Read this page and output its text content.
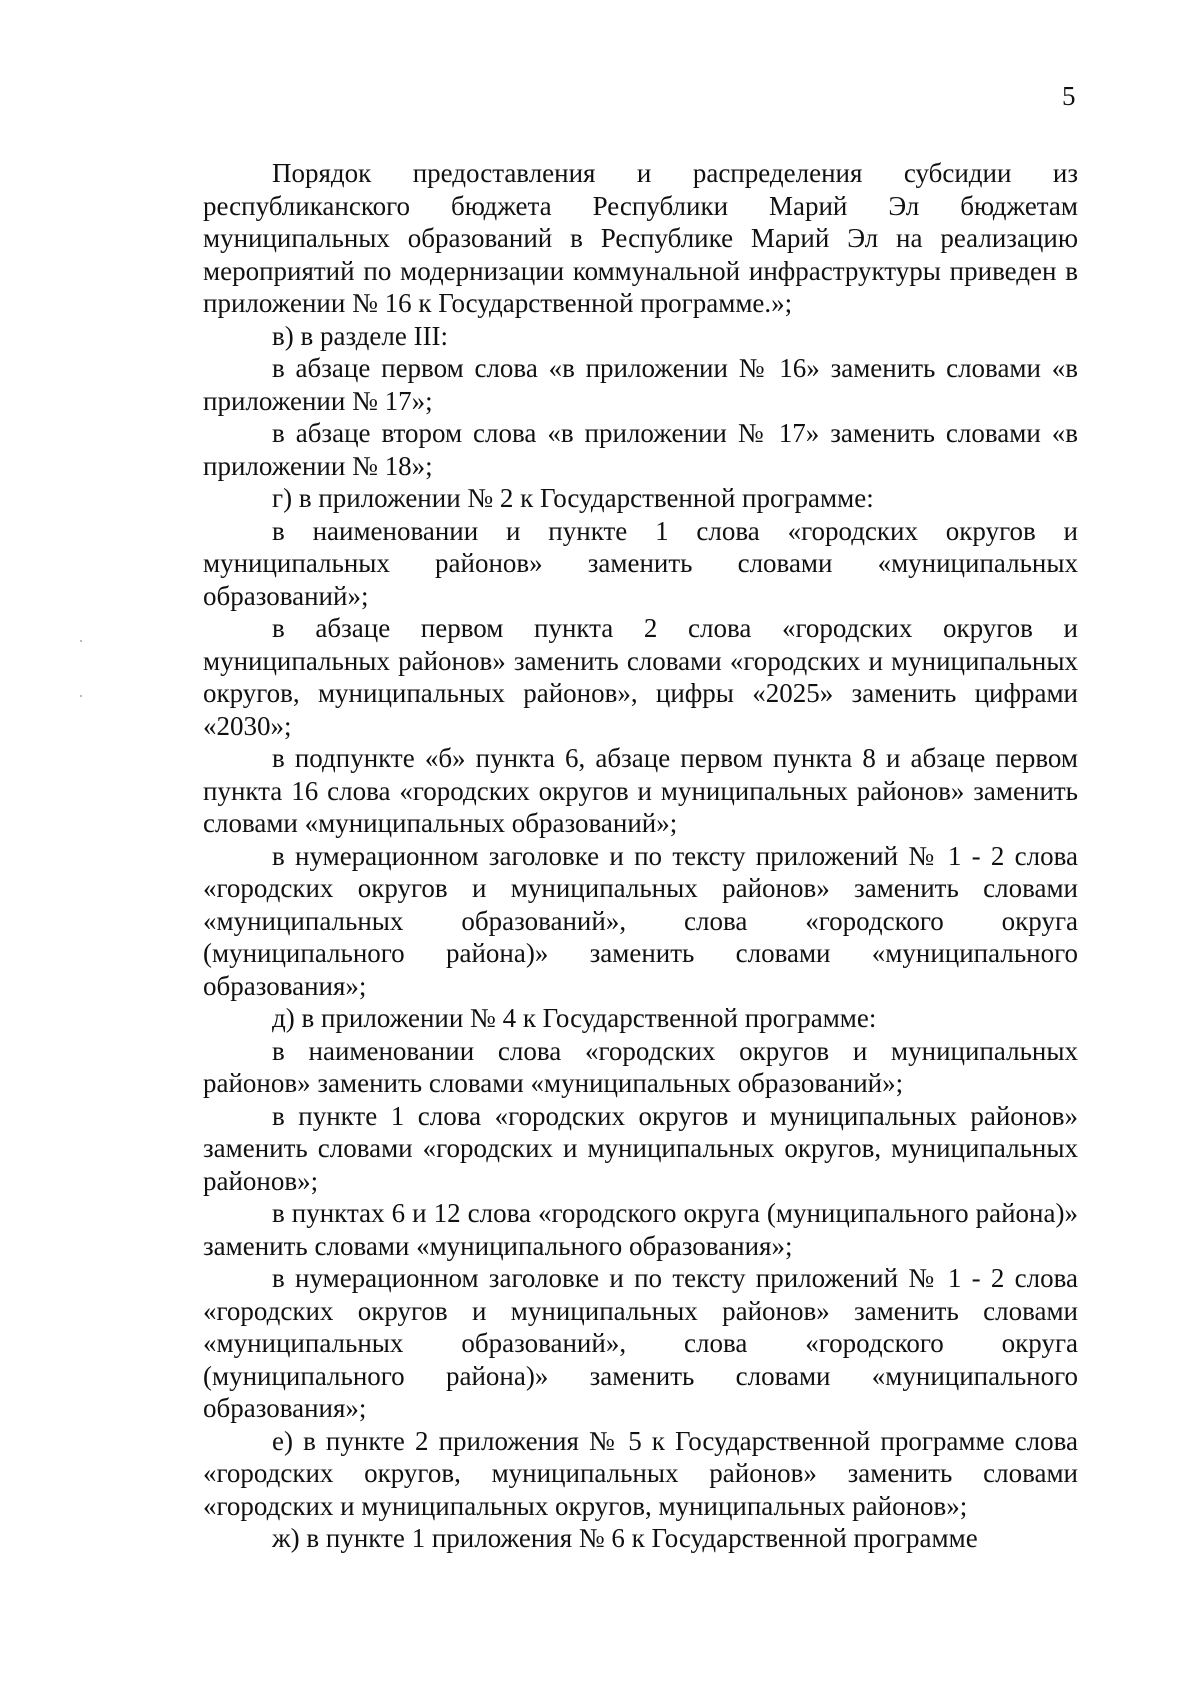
5

Порядок предоставления и распределения субсидии из республиканского бюджета Республики Марий Эл бюджетам муниципальных образований в Республике Марий Эл на реализацию мероприятий по модернизации коммунальной инфраструктуры приведен в приложении № 16 к Государственной программе.»;

в) в разделе III:

в абзаце первом слова «в приложении № 16» заменить словами «в приложении № 17»;

в абзаце втором слова «в приложении № 17» заменить словами «в приложении № 18»;

г) в приложении № 2 к Государственной программе:

в наименовании и пункте 1 слова «городских округов и муниципальных районов» заменить словами «муниципальных образований»;

в абзаце первом пункта 2 слова «городских округов и муниципальных районов» заменить словами «городских и муниципальных округов, муниципальных районов», цифры «2025» заменить цифрами «2030»;

в подпункте «б» пункта 6, абзаце первом пункта 8 и абзаце первом пункта 16 слова «городских округов и муниципальных районов» заменить словами «муниципальных образований»;

в нумерационном заголовке и по тексту приложений № 1 - 2 слова «городских округов и муниципальных районов» заменить словами «муниципальных образований», слова «городского округа (муниципального района)» заменить словами «муниципального образования»;

д) в приложении № 4 к Государственной программе:

в наименовании слова «городских округов и муниципальных районов» заменить словами «муниципальных образований»;

в пункте 1 слова «городских округов и муниципальных районов» заменить словами «городских и муниципальных округов, муниципальных районов»;

в пунктах 6 и 12 слова «городского округа (муниципального района)» заменить словами «муниципального образования»;

в нумерационном заголовке и по тексту приложений № 1 - 2 слова «городских округов и муниципальных районов» заменить словами «муниципальных образований», слова «городского округа (муниципального района)» заменить словами «муниципального образования»;

е) в пункте 2 приложения № 5 к Государственной программе слова «городских округов, муниципальных районов» заменить словами «городских и муниципальных округов, муниципальных районов»;

ж) в пункте 1 приложения № 6 к Государственной программе
